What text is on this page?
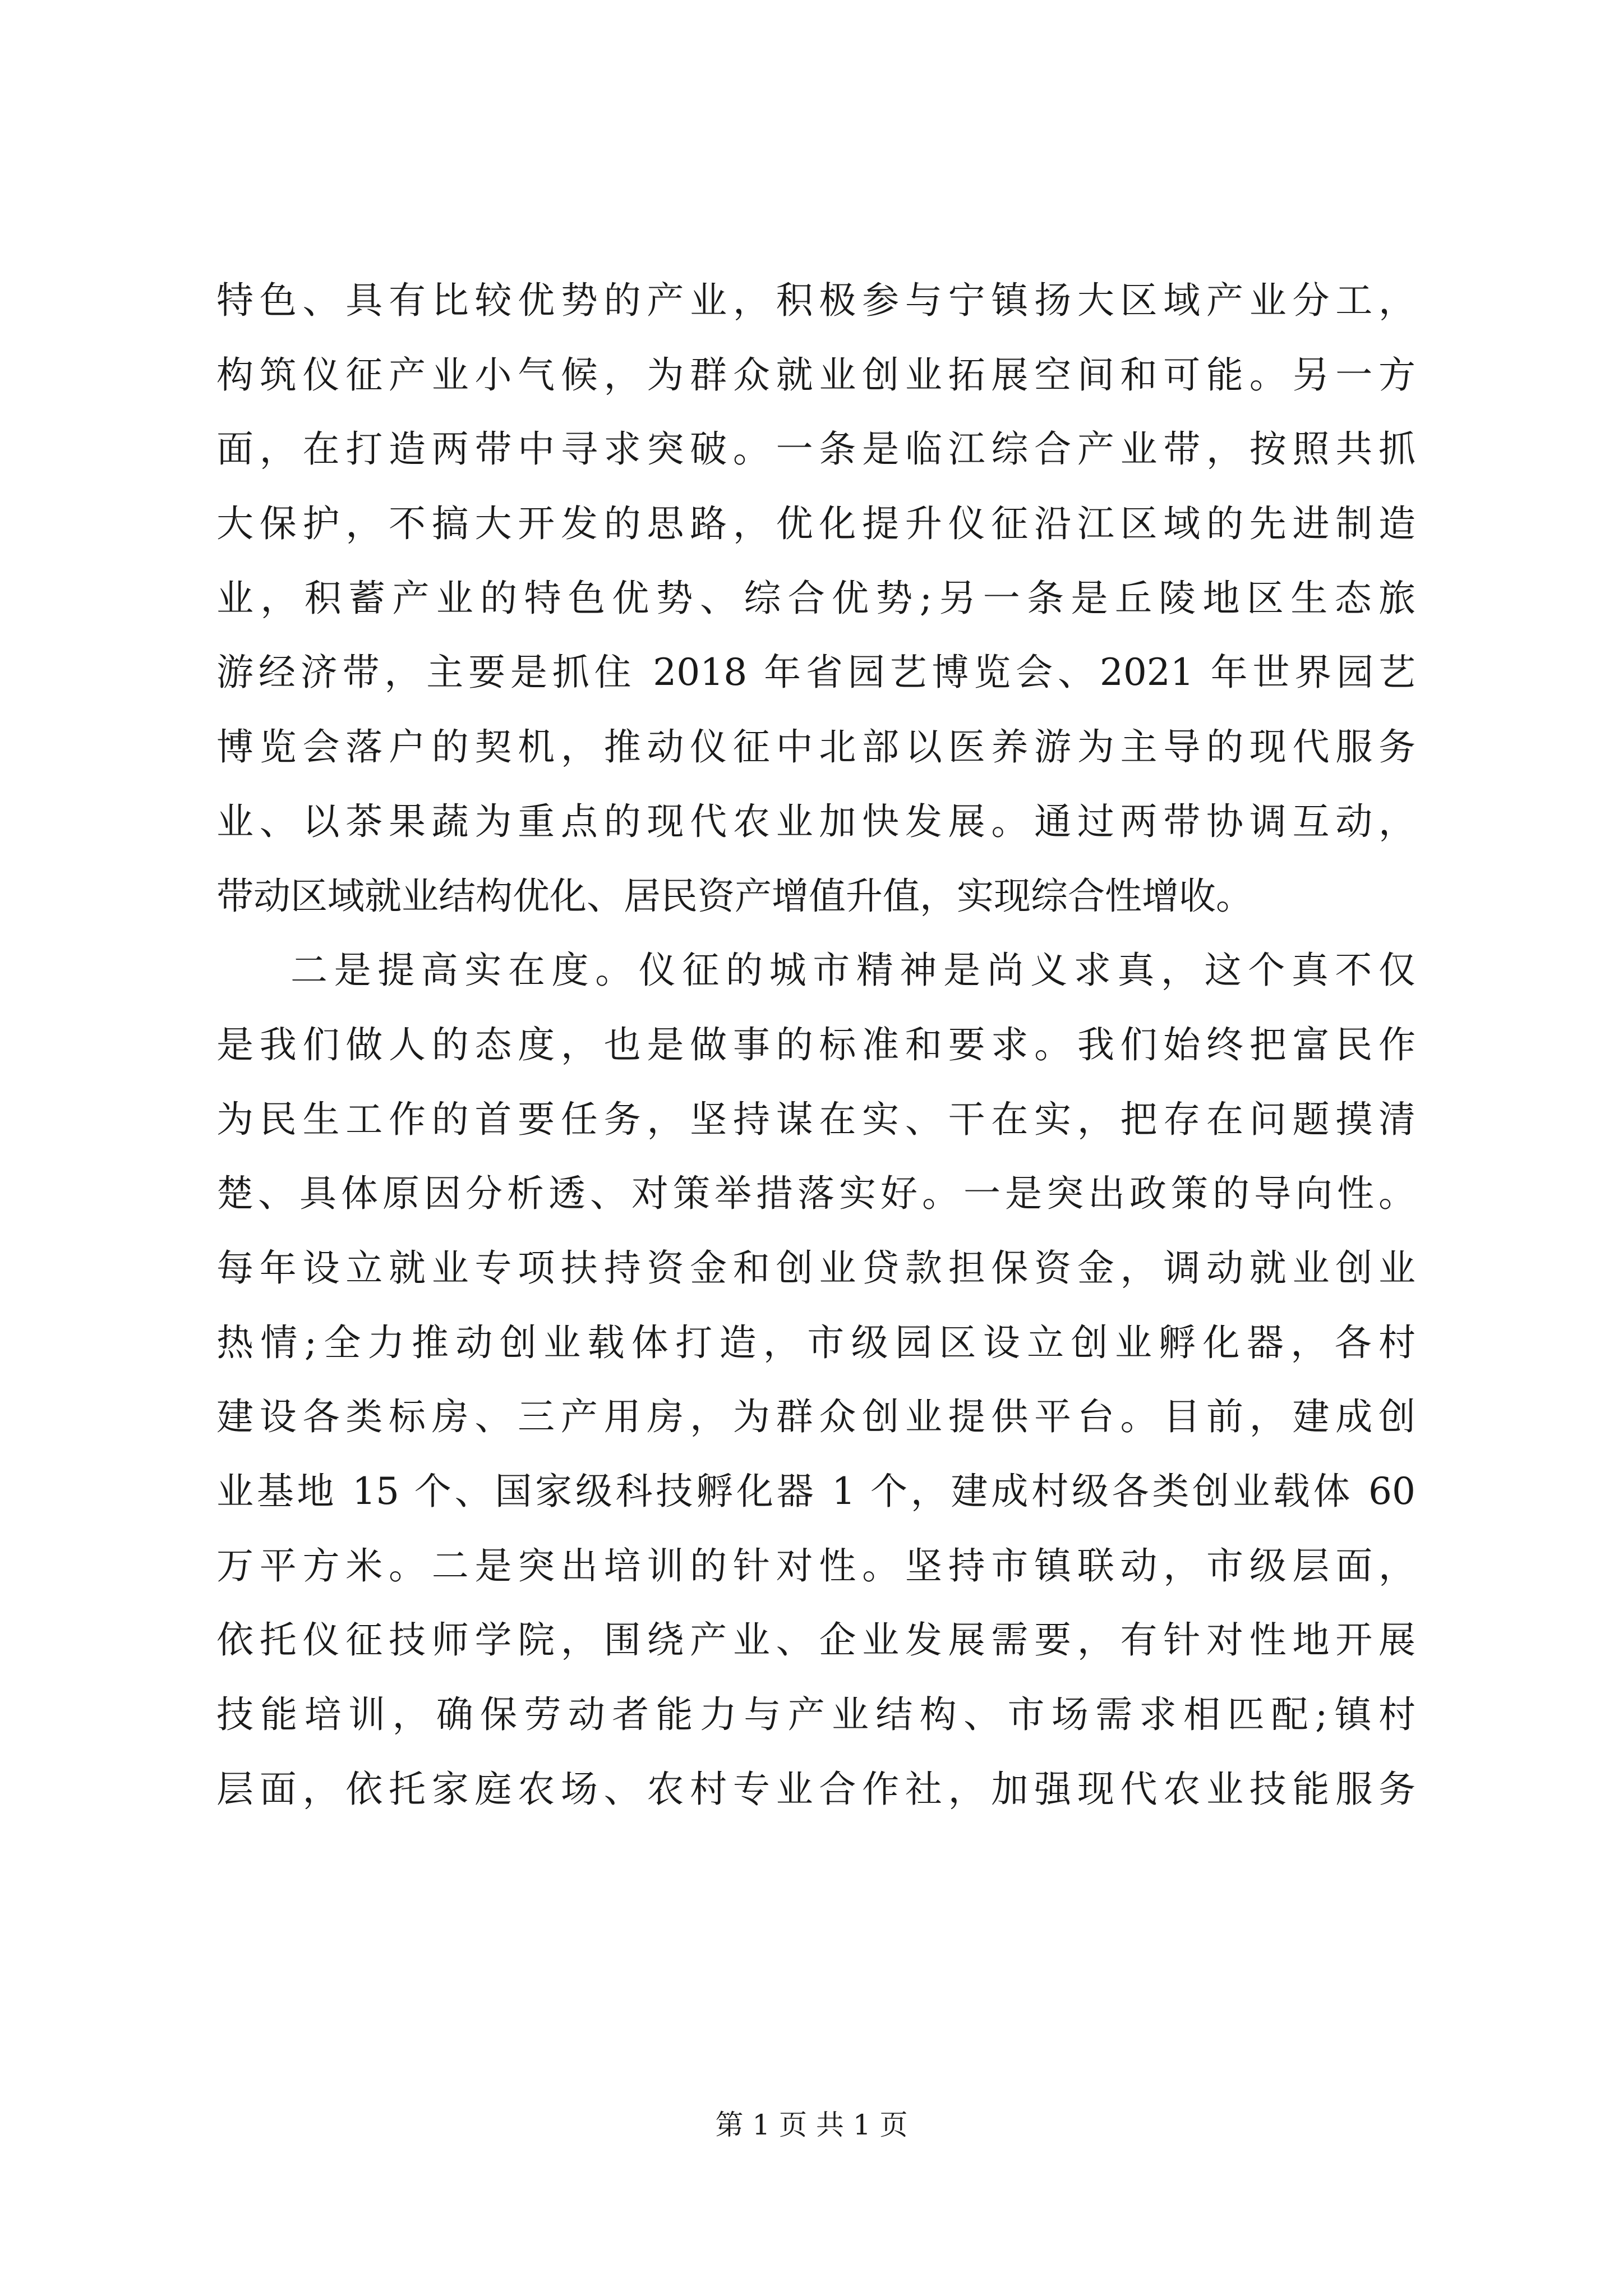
特色、具有比较优势的产业，积极参与宁镇扬大区域产业分工，
构筑仪征产业小气候，为群众就业创业拓展空间和可能。另一方
面，在打造两带中寻求突破。一条是临江综合产业带，按照共抓
大保护，不搞大开发的思路，优化提升仪征沿江区域的先进制造
业，积蓄产业的特色优势、综合优势;另一条是丘陵地区生态旅
游经济带，主要是抓住 2018 年省园艺博览会、2021 年世界园艺
博览会落户的契机，推动仪征中北部以医养游为主导的现代服务
业、以茶果蔬为重点的现代农业加快发展。通过两带协调互动，
带动区域就业结构优化、居民资产增值升值，实现综合性增收。
二是提高实在度。仪征的城市精神是尚义求真，这个真不仅
是我们做人的态度，也是做事的标准和要求。我们始终把富民作
为民生工作的首要任务，坚持谋在实、干在实，把存在问题摸清
楚、具体原因分析透、对策举措落实好。一是突出政策的导向性。
每年设立就业专项扶持资金和创业贷款担保资金，调动就业创业
热情;全力推动创业载体打造，市级园区设立创业孵化器，各村
建设各类标房、三产用房，为群众创业提供平台。目前，建成创
业基地 15 个、国家级科技孵化器 1 个，建成村级各类创业载体 60
万平方米。二是突出培训的针对性。坚持市镇联动，市级层面，
依托仪征技师学院，围绕产业、企业发展需要，有针对性地开展
技能培训，确保劳动者能力与产业结构、市场需求相匹配;镇村
层面，依托家庭农场、农村专业合作社，加强现代农业技能服务
第 1 页 共 1 页
